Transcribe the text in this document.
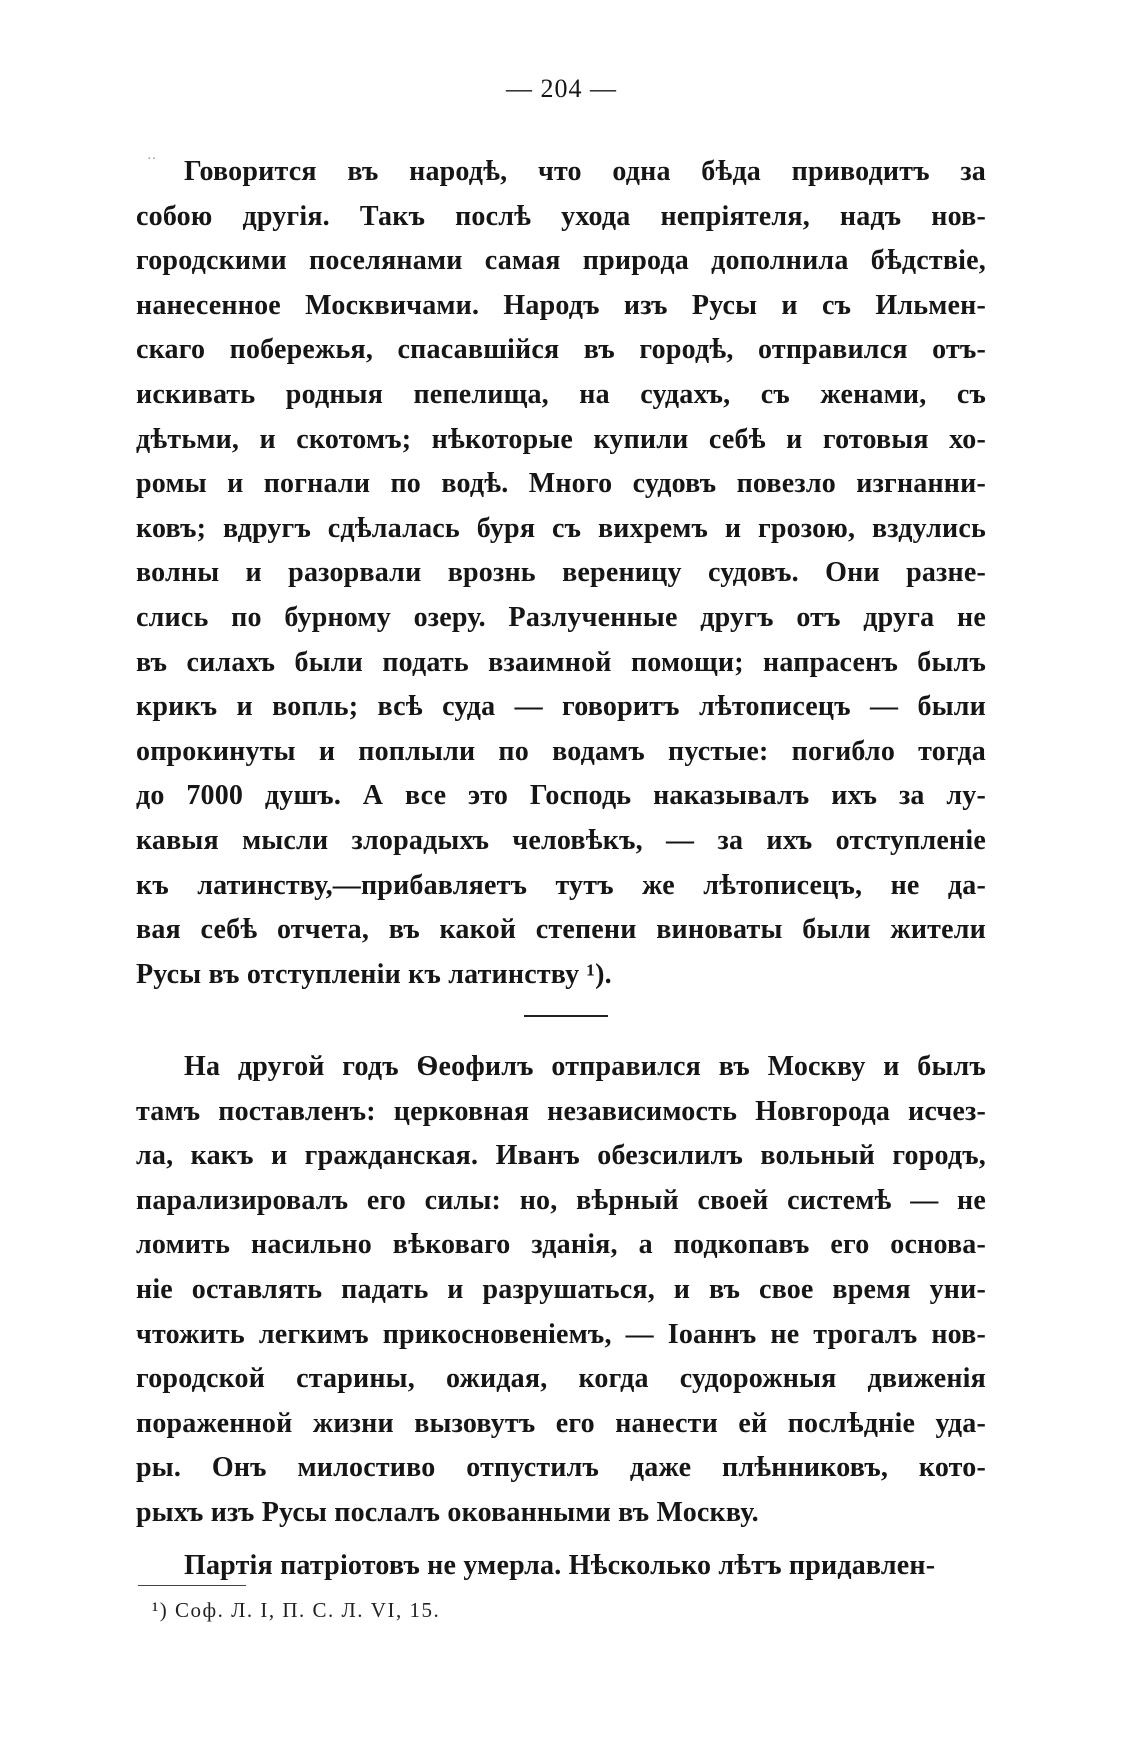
— 204 —
·· Говорится въ народѣ, что одна бѣда приводитъ за
собою другія. Такъ послѣ ухода непріятеля, надъ нов-
городскими поселянами самая природа дополнила бѣдствіе,
нанесенное Москвичами. Народъ изъ Русы и съ Ильмен-
скаго побережья, спасавшійся въ городѣ, отправился отъ-
искивать родныя пепелища, на судахъ, съ женами, съ
дѣтьми, и скотомъ; нѣкоторые купили себѣ и готовыя хо-
ромы и погнали по водѣ. Много судовъ повезло изгнанни-
ковъ; вдругъ сдѣлалась буря съ вихремъ и грозою, вздулись
волны и разорвали врознь вереницу судовъ. Они разне-
слись по бурному озеру. Разлученные другъ отъ друга не
въ силахъ были подать взаимной помощи; напрасенъ былъ
крикъ и вопль; всѣ суда — говоритъ лѣтописецъ — были
опрокинуты и поплыли по водамъ пустые: погибло тогда
до 7000 душъ. А все это Господь наказывалъ ихъ за лу-
кавыя мысли злорадыхъ человѣкъ, — за ихъ отступленіе
къ латинству,—прибавляетъ тутъ же лѣтописецъ, не да-
вая себѣ отчета, въ какой степени виноваты были жители
Русы въ отступленіи къ латинству ¹).
На другой годъ Ѳеофилъ отправился въ Москву и былъ
тамъ поставленъ: церковная независимость Новгорода исчез-
ла, какъ и гражданская. Иванъ обезсилилъ вольный городъ,
парализировалъ его силы: но, вѣрный своей системѣ — не
ломить насильно вѣковаго зданія, а подкопавъ его основа-
ніе оставлять падать и разрушаться, и въ свое время уни-
чтожить легкимъ прикосновеніемъ, — Іоаннъ не трогалъ нов-
городской старины, ожидая, когда судорожныя движенія
пораженной жизни вызовутъ его нанести ей послѣдніе уда-
ры. Онъ милостиво отпустилъ даже плѣнниковъ, кото-
рыхъ изъ Русы послалъ окованными въ Москву.
Партія патріотовъ не умерла. Нѣсколько лѣтъ придавлен-
¹) Соф. Л. I, П. С. Л. VI, 15.
